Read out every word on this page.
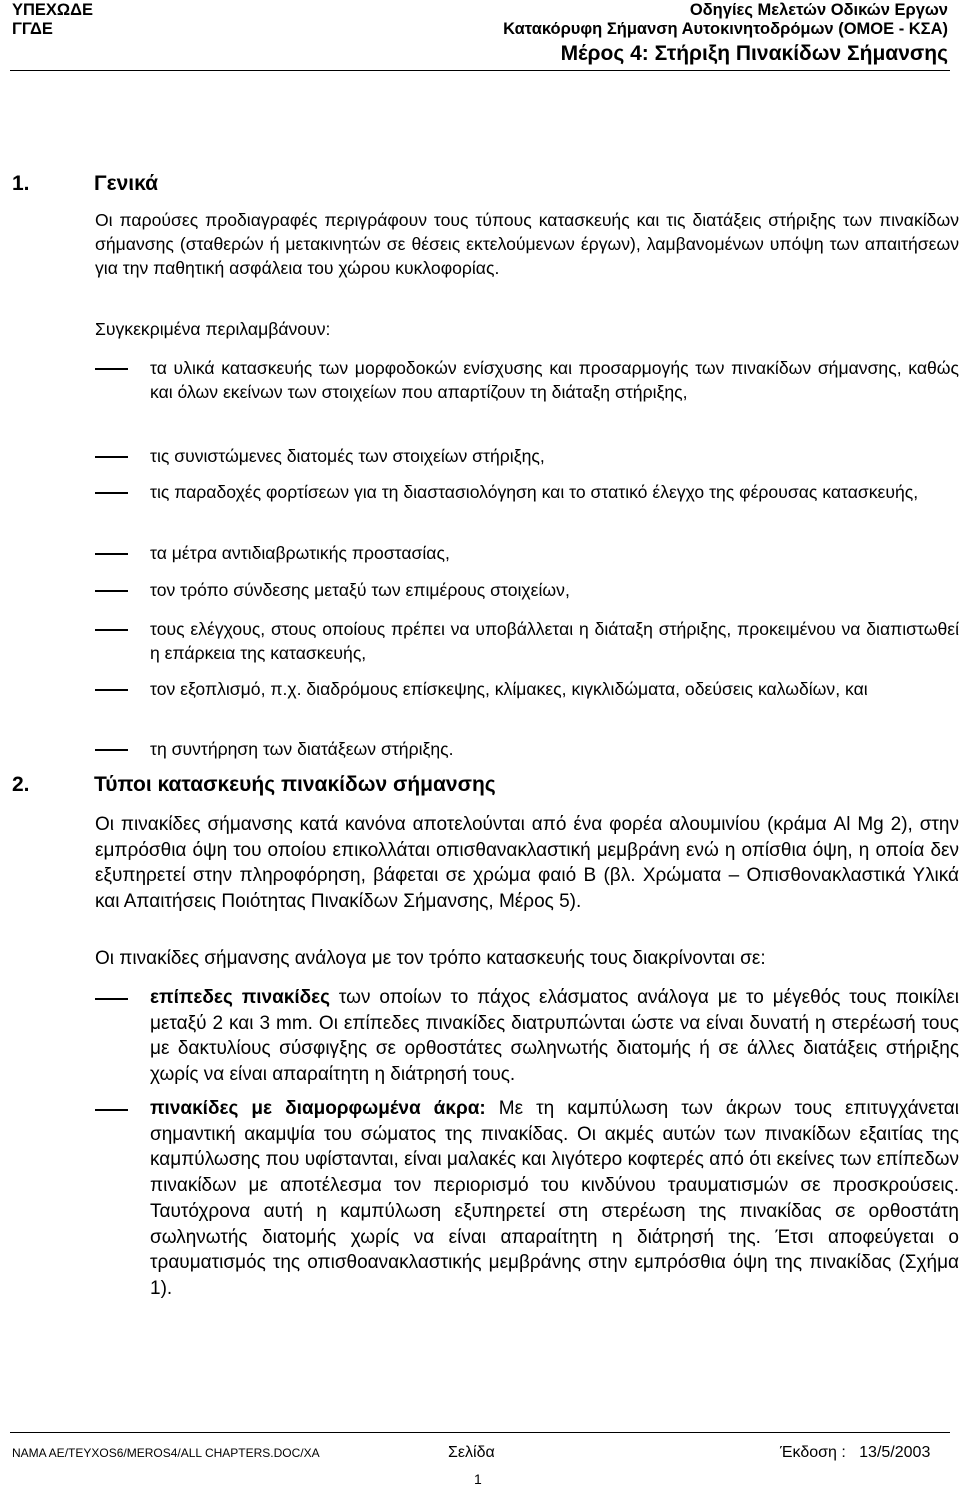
ΥΠΕΧΩΔΕ
ΓΓΔΕ
Οδηγίες Μελετών Οδικών Εργων
Κατακόρυφη Σήμανση Αυτοκινητοδρόμων (ΟΜΟΕ - ΚΣΑ)
Μέρος 4: Στήριξη Πινακίδων Σήμανσης
1.	Γενικά

Οι παρούσες προδιαγραφές περιγράφουν τους τύπους κατασκευής και τις διατάξεις στήριξης των πινακίδων σήμανσης (σταθερών ή μετακινητών σε θέσεις εκτελούμενων έργων), λαμβανομένων υπόψη των απαιτήσεων για την παθητική ασφάλεια του χώρου κυκλοφορίας.

Συγκεκριμένα περιλαμβάνουν:

τα υλικά κατασκευής των μορφοδοκών ενίσχυσης και προσαρμογής των πινακίδων σήμανσης, καθώς και όλων εκείνων των στοιχείων που απαρτίζουν τη διάταξη στήριξης,
τις συνιστώμενες διατομές των στοιχείων στήριξης,
τις παραδοχές φορτίσεων για τη διαστασιολόγηση και το στατικό έλεγχο της φέρουσας κατασκευής,
τα μέτρα αντιδιαβρωτικής προστασίας,
τον τρόπο σύνδεσης μεταξύ των επιμέρους στοιχείων,
τους ελέγχους, στους οποίους πρέπει να υποβάλλεται η διάταξη στήριξης, προκειμένου να διαπιστωθεί η επάρκεια της κατασκευής,
τον εξοπλισμό, π.χ. διαδρόμους επίσκεψης, κλίμακες, κιγκλιδώματα, οδεύσεις καλωδίων, και
τη συντήρηση των διατάξεων στήριξης.
2.	Τύποι κατασκευής πινακίδων σήμανσης

Οι πινακίδες σήμανσης κατά κανόνα αποτελούνται από ένα φορέα αλουμινίου (κράμα Al Mg 2), στην εμπρόσθια όψη του οποίου επικολλάται οπισθανακλαστική μεμβράνη ενώ η οπίσθια όψη, η οποία δεν εξυπηρετεί στην πληροφόρηση, βάφεται σε χρώμα φαιό Β (βλ. Χρώματα – Οπισθονακλαστικά Υλικά και Απαιτήσεις Ποιότητας Πινακίδων Σήμανσης, Μέρος 5).

Οι πινακίδες σήμανσης ανάλογα με τον τρόπο κατασκευής τους διακρίνονται σε:

επίπεδες πινακίδες των οποίων το πάχος ελάσματος ανάλογα με το μέγεθός τους ποικίλει μεταξύ 2 και 3 mm. Οι επίπεδες πινακίδες διατρυπώνται ώστε να είναι δυνατή η στερέωσή τους με δακτυλίους σύσφιγξης σε ορθοστάτες σωληνωτής διατομής ή σε άλλες διατάξεις στήριξης χωρίς να είναι απαραίτητη η διάτρησή τους.
πινακίδες με διαμορφωμένα άκρα: Με τη καμπύλωση των άκρων τους επιτυγχάνεται σημαντική ακαμψία του σώματος της πινακίδας. Οι ακμές αυτών των πινακίδων εξαιτίας της καμπύλωσης που υφίστανται, είναι μαλακές και λιγότερο κοφτερές από ότι εκείνες των επίπεδων πινακίδων με αποτέλεσμα τον περιορισμό του κινδύνου τραυματισμών σε προσκρούσεις. Ταυτόχρονα αυτή η καμπύλωση εξυπηρετεί στη στερέωση της πινακίδας σε ορθοστάτη σωληνωτής διατομής χωρίς να είναι απαραίτητη η διάτρησή της. Έτσι αποφεύγεται ο τραυματισμός της οπισθοανακλαστικής μεμβράνης στην εμπρόσθια όψη της πινακίδας (Σχήμα 1).
NAMA AE/TEYXOS6/MEROS4/ALL CHAPTERS.DOC/XA	Σελίδα
1
Έκδοση :   13/5/2003
